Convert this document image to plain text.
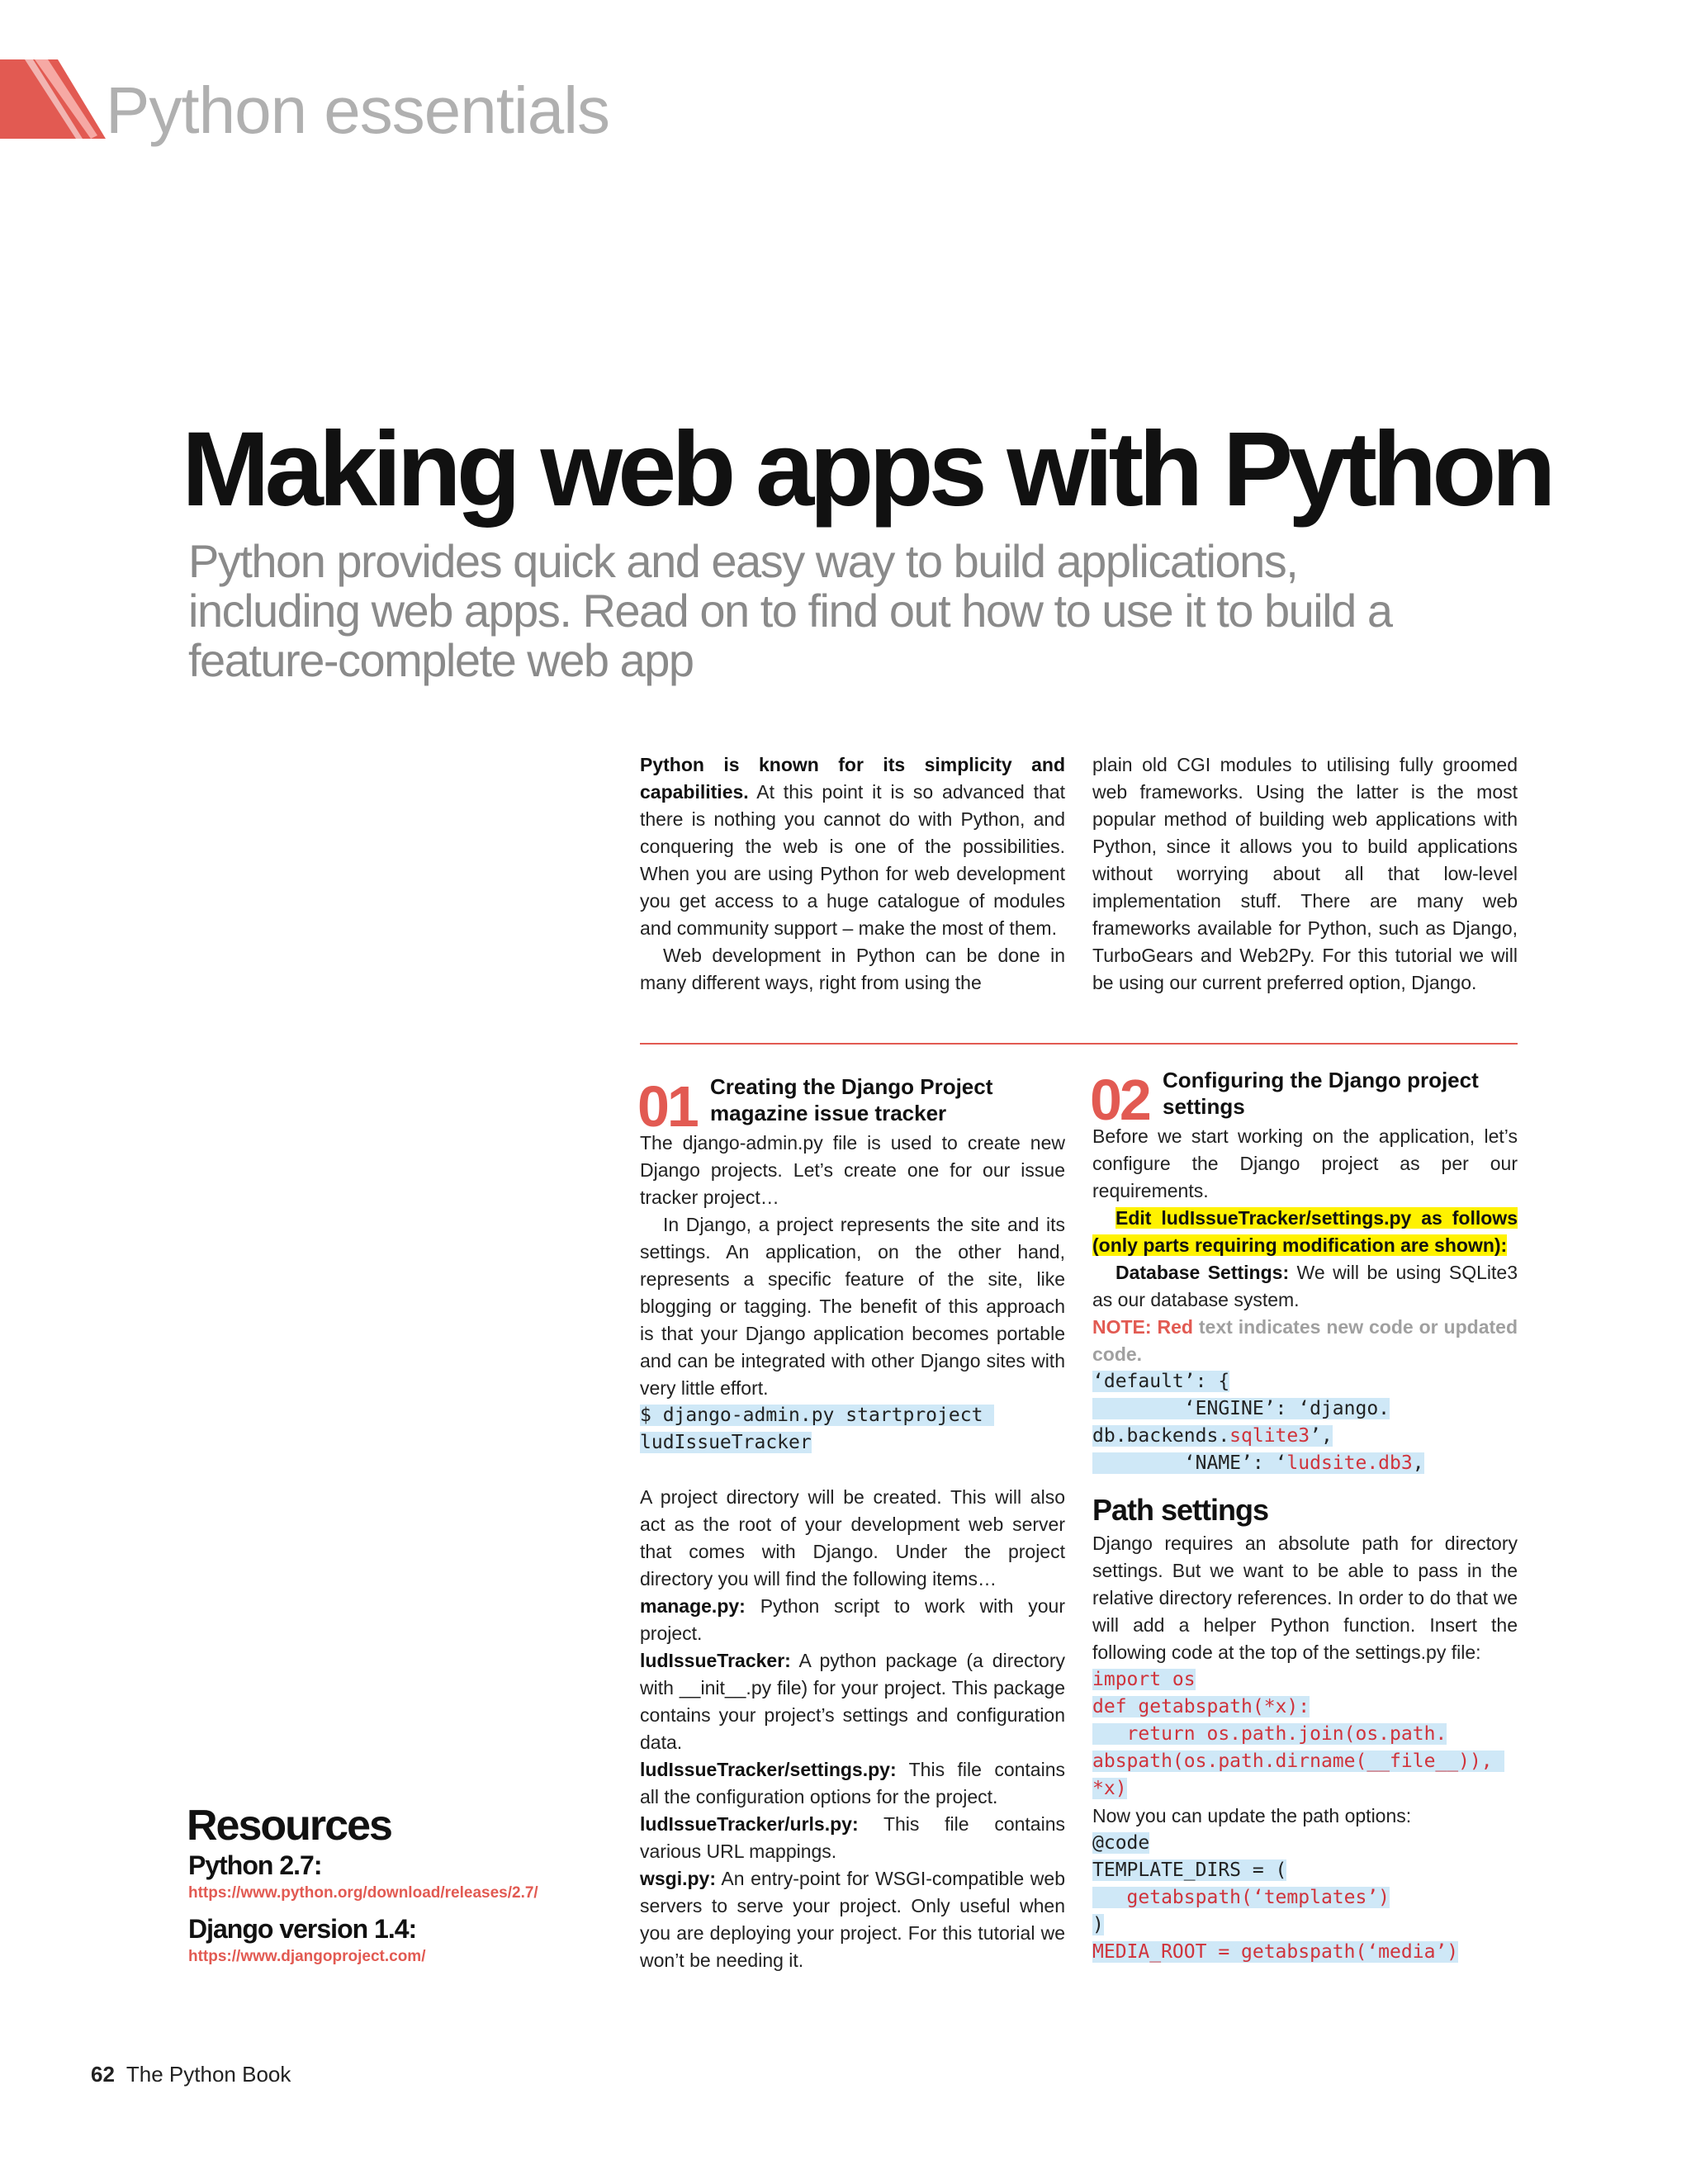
Python essentials
Making web apps with Python
Python provides quick and easy way to build applications, including web apps. Read on to find out how to use it to build a feature-complete web app

Python is known for its simplicity and capabilities. At this point it is so advanced that there is nothing you cannot do with Python, and conquering the web is one of the possibilities. When you are using Python for web development you get access to a huge catalogue of modules and community support – make the most of them.

Web development in Python can be done in many different ways, right from using the

plain old CGI modules to utilising fully groomed web frameworks. Using the latter is the most popular method of building web applications with Python, since it allows you to build applications without worrying about all that low-level implementation stuff. There are many web frameworks available for Python, such as Django, TurboGears and Web2Py. For this tutorial we will be using our current preferred option, Django.

01 Creating the Django Project magazine issue tracker

The django-admin.py file is used to create new Django projects. Let’s create one for our issue tracker project…

In Django, a project represents the site and its settings. An application, on the other hand, represents a specific feature of the site, like blogging or tagging. The benefit of this approach is that your Django application becomes portable and can be integrated with other Django sites with very little effort.

$ django-admin.py startproject
ludIssueTracker

A project directory will be created. This will also act as the root of your development web server that comes with Django. Under the project directory you will find the following items…

manage.py: Python script to work with your project.

ludIssueTracker: A python package (a directory with __init__.py file) for your project. This package contains your project’s settings and configuration data.

ludIssueTracker/settings.py: This file contains all the configuration options for the project.

ludIssueTracker/urls.py: This file contains various URL mappings.

wsgi.py: An entry-point for WSGI-compatible web servers to serve your project. Only useful when you are deploying your project. For this tutorial we won’t be needing it.

02 Configuring the Django project settings

Before we start working on the application, let’s configure the Django project as per our requirements.

Edit ludIssueTracker/settings.py as follows (only parts requiring modification are shown):

Database Settings: We will be using SQLite3 as our database system.

NOTE: Red text indicates new code or updated code.

‘default’: {
‘ENGINE’: ‘django.
db.backends.sqlite3’,
‘NAME’: ‘ludsite.db3,
Path settings

Django requires an absolute path for directory settings. But we want to be able to pass in the relative directory references. In order to do that we will add a helper Python function. Insert the following code at the top of the settings.py file:

import os
def getabspath(*x):
return os.path.join(os.path.
abspath(os.path.dirname(__file__)),
*x)

Now you can update the path options:

@code
TEMPLATE_DIRS = (
getabspath(‘templates’)
)
MEDIA_ROOT = getabspath(‘media’)
Resources
Python 2.7:
https://www.python.org/download/releases/2.7/
Django version 1.4:
https://www.djangoproject.com/
62 The Python Book
